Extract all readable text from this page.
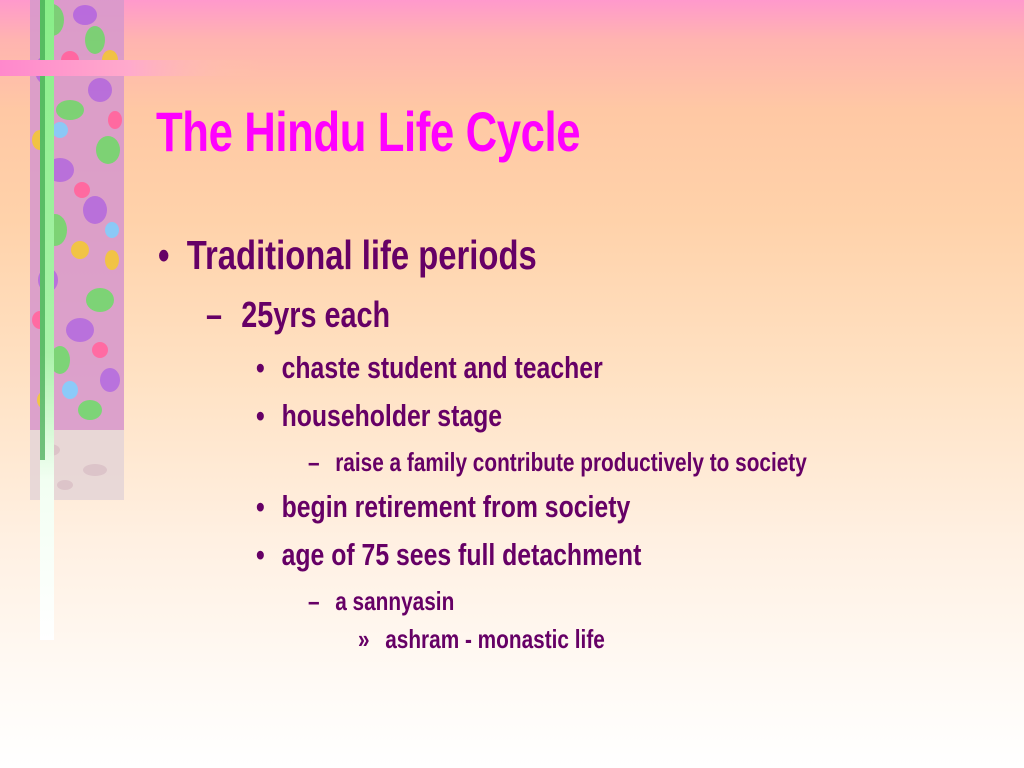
The Hindu Life Cycle
• Traditional life periods
– 25yrs each
• chaste student and teacher
• householder stage
– raise a family contribute productively to society
• begin retirement from society
• age of 75 sees full detachment
– a sannyasin
» ashram - monastic life
